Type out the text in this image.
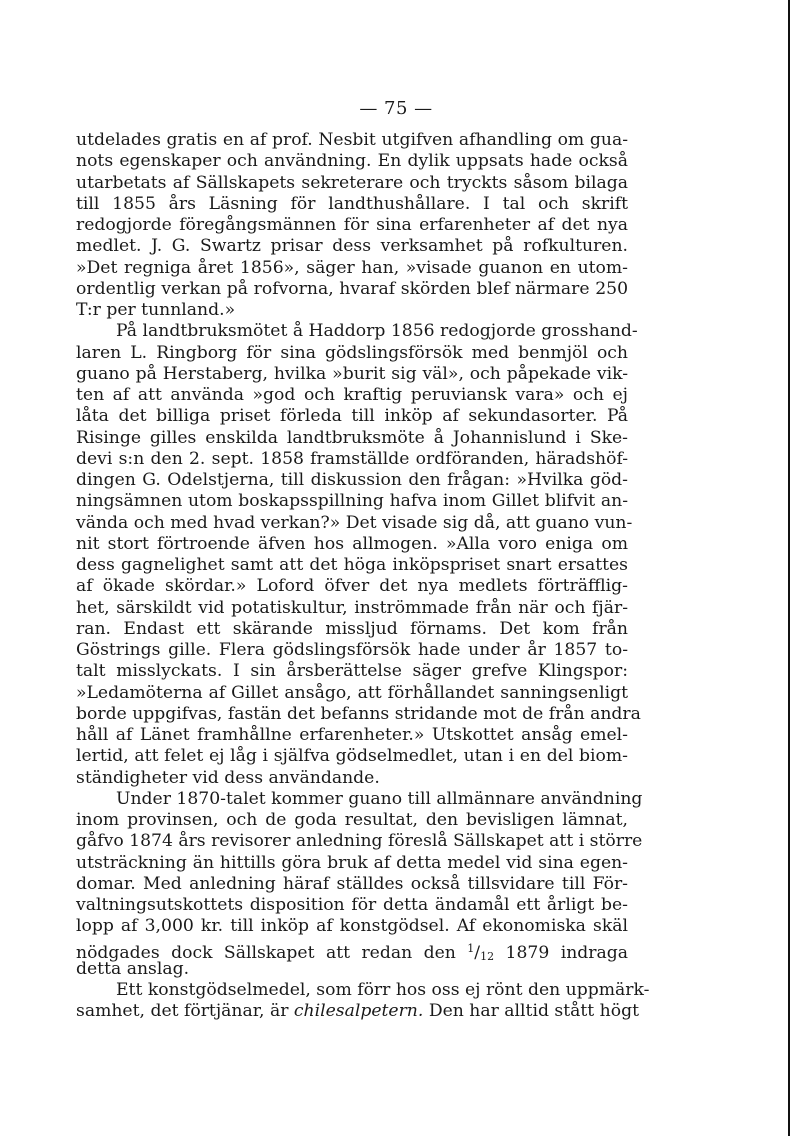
— 75 —
utdelades gratis en af prof. Nesbit utgifven afhandling om gua-
nots egenskaper och användning. En dylik uppsats hade också
utarbetats af Sällskapets sekreterare och tryckts såsom bilaga
till 1855 års Läsning för landthushållare. I tal och skrift
redogjorde föregångsmännen för sina erfarenheter af det nya
medlet. J. G. Swartz prisar dess verksamhet på rofkulturen.
»Det regniga året 1856», säger han, »visade guanon en utom-
ordentlig verkan på rofvorna, hvaraf skörden blef närmare 250
T:r per tunnland.»
På landtbruksmötet å Haddorp 1856 redogjorde grosshand-
laren L. Ringborg för sina gödslingsförsök med benmjöl och
guano på Herstaberg, hvilka »burit sig väl», och påpekade vik-
ten af att använda »god och kraftig peruviansk vara» och ej
låta det billiga priset förleda till inköp af sekundasorter. På
Risinge gilles enskilda landtbruksmöte å Johannislund i Ske-
devi s:n den 2. sept. 1858 framställde ordföranden, häradshöf-
dingen G. Odelstjerna, till diskussion den frågan: »Hvilka göd-
ningsämnen utom boskapsspillning hafva inom Gillet blifvit an-
vända och med hvad verkan?» Det visade sig då, att guano vun-
nit stort förtroende äfven hos allmogen. »Alla voro eniga om
dess gagnelighet samt att det höga inköpspriset snart ersattes
af ökade skördar.» Loford öfver det nya medlets förträfflig-
het, särskildt vid potatiskultur, inströmmade från när och fjär-
ran. Endast ett skärande missljud förnams. Det kom från
Göstrings gille. Flera gödslingsförsök hade under år 1857 to-
talt misslyckats. I sin årsberättelse säger grefve Klingspor:
»Ledamöterna af Gillet ansågo, att förhållandet sanningsenligt
borde uppgifvas, fastän det befanns stridande mot de från andra
håll af Länet framhållne erfarenheter.» Utskottet ansåg emel-
lertid, att felet ej låg i själfva gödselmedlet, utan i en del biom-
ständigheter vid dess användande.
Under 1870-talet kommer guano till allmännare användning
inom provinsen, och de goda resultat, den bevisligen lämnat,
gåfvo 1874 års revisorer anledning föreslå Sällskapet att i större
utsträckning än hittills göra bruk af detta medel vid sina egen-
domar. Med anledning häraf ställdes också tillsvidare till För-
valtningsutskottets disposition för detta ändamål ett årligt be-
lopp af 3,000 kr. till inköp af konstgödsel. Af ekonomiska skäl
nödgades dock Sällskapet att redan den $^1/_{12}$ 1879 indraga
detta anslag.
Ett konstgödselmedel, som förr hos oss ej rönt den uppmärk-
samhet, det förtjänar, är chilesalpetern. Den har alltid stått högt
